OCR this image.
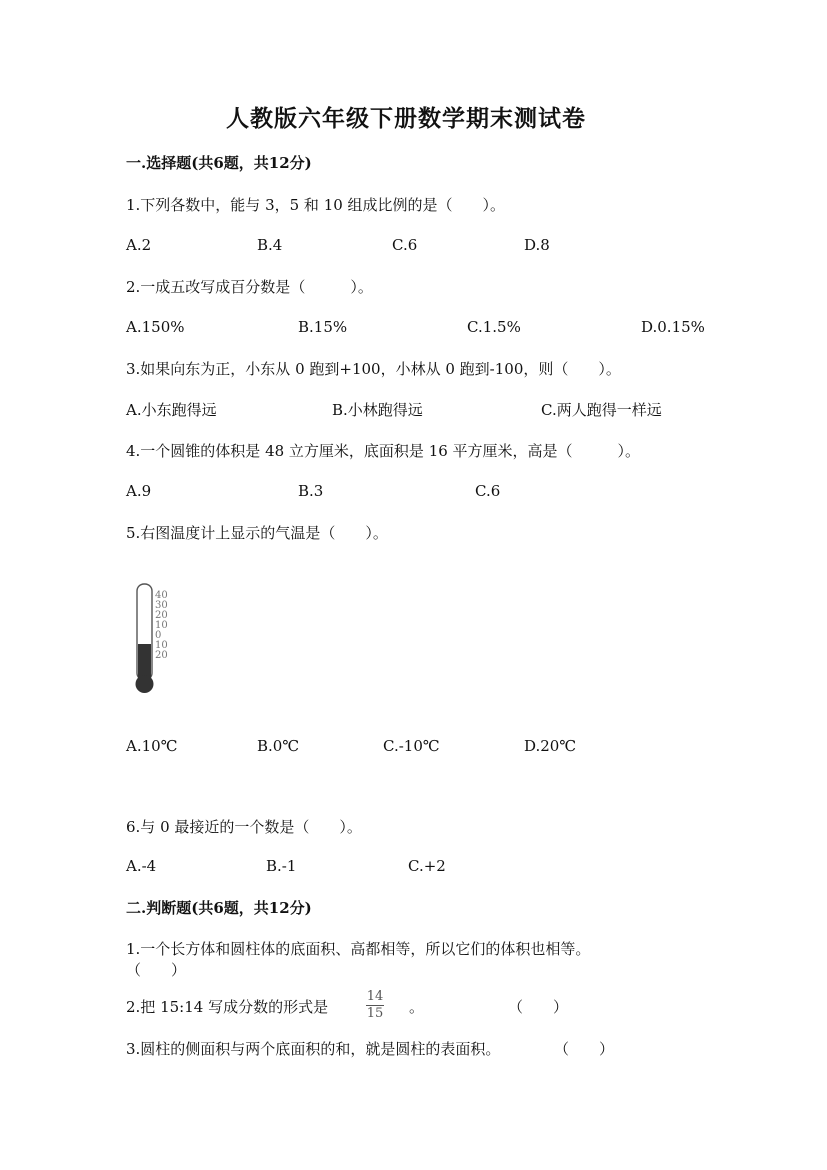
人教版六年级下册数学期末测试卷
一.选择题(共6题，共12分)
1.下列各数中，能与 3，5 和 10 组成比例的是（　　）。
A.2	B.4	C.6	D.8
2.一成五改写成百分数是（　　　）。
A.150%	B.15%	C.1.5%	D.0.15%
3.如果向东为正，小东从 0 跑到+100，小林从 0 跑到-100，则（　　）。
A.小东跑得远	B.小林跑得远	C.两人跑得一样远
4.一个圆锥的体积是 48 立方厘米，底面积是 16 平方厘米，高是（　　　）。
A.9	B.3	C.6
5.右图温度计上显示的气温是（　　）。
40
30
20
10
0
10
20
A.10℃	B.0℃	C.-10℃	D.20℃
6.与 0 最接近的一个数是（　　）。
A.-4	B.-1	C.+2
二.判断题(共6题，共12分)
1.一个长方体和圆柱体的底面积、高都相等，所以它们的体积也相等。
（　　）
2.把 15:14 写成分数的形式是
14
15 。	（　　）
3.圆柱的侧面积与两个底面积的和，就是圆柱的表面积。	（　　）
